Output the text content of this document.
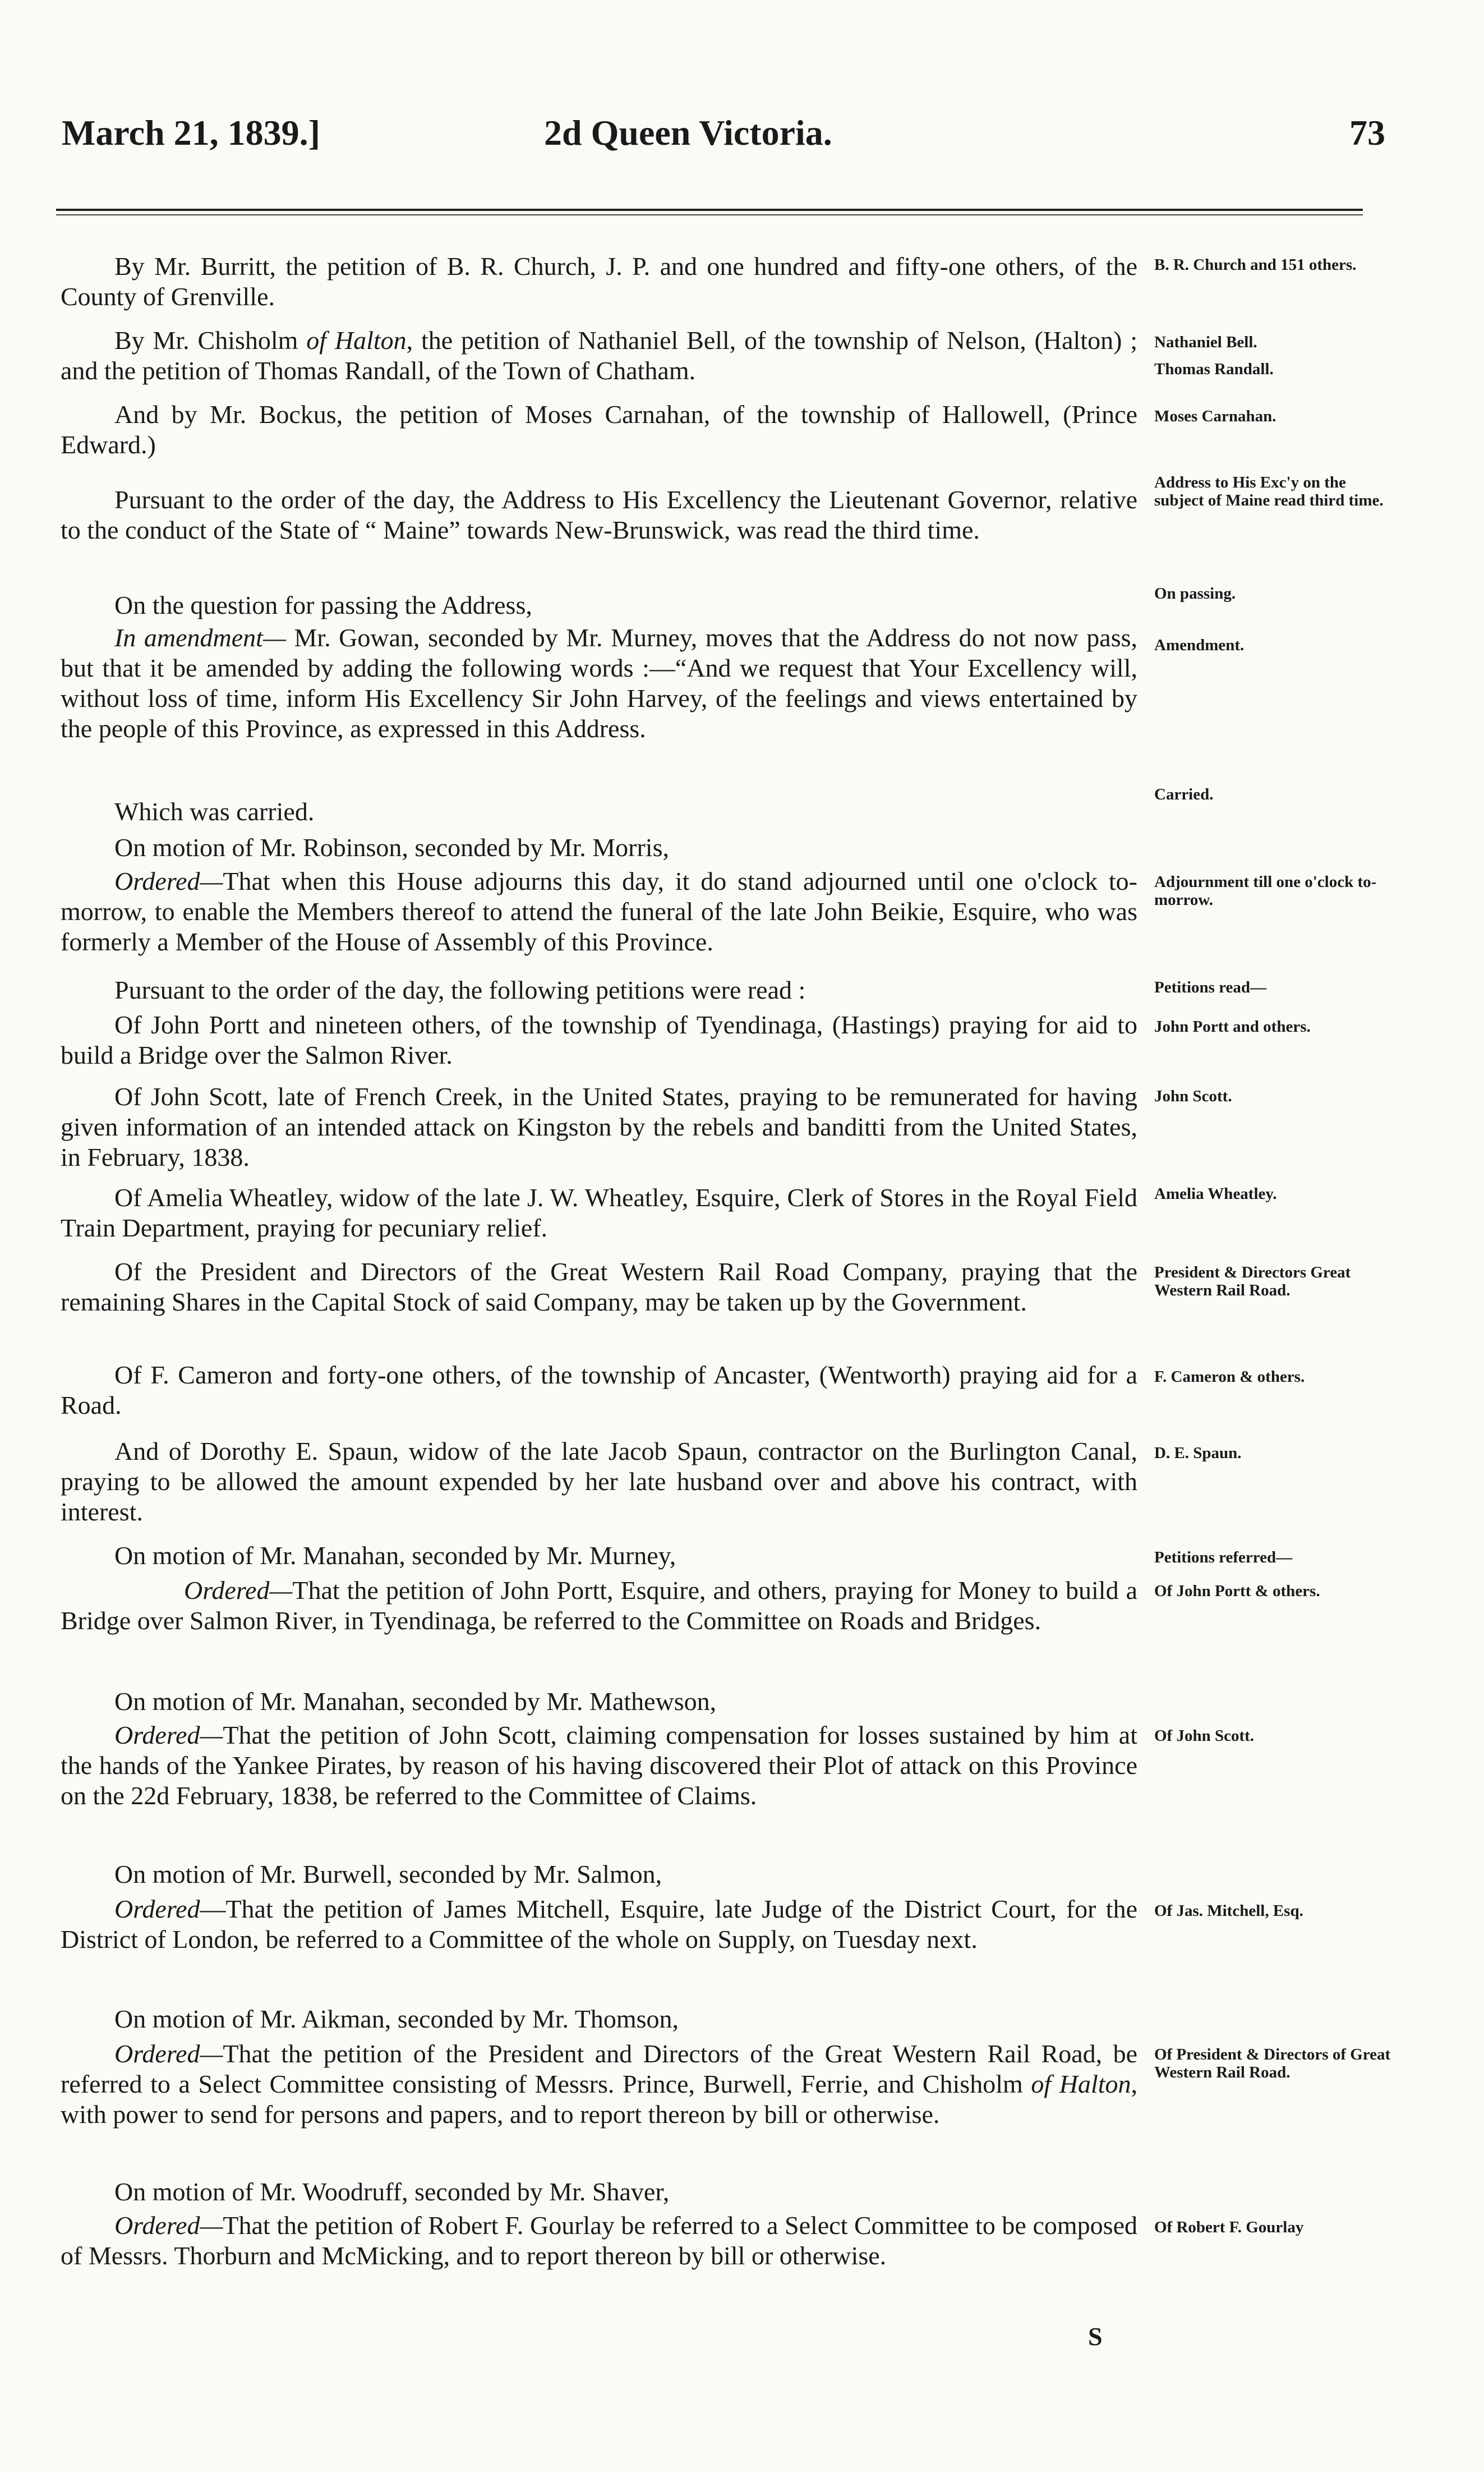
March 21, 1839.]	2d Queen Victoria.	73
By Mr. Burritt, the petition of B. R. Church, J. P. and one hundred and fifty-one others, of the County of Grenville.
B. R. Church and 151 others.
By Mr. Chisholm of Halton, the petition of Nathaniel Bell, of the township of Nelson, (Halton) ; and the petition of Thomas Randall, of the Town of Chatham.
Nathaniel Bell.
Thomas Randall.
And by Mr. Bockus, the petition of Moses Carnahan, of the township of Hallowell, (Prince Edward.)
Moses Carnahan.
Pursuant to the order of the day, the Address to His Excellency the Lieutenant Governor, relative to the conduct of the State of “ Maine” towards New-Brunswick, was read the third time.
Address to His Exc'y on the subject of Maine read third time.
On the question for passing the Address,	On passing.
In amendment— Mr. Gowan, seconded by Mr. Murney, moves that the Address do not now pass, but that it be amended by adding the following words :—“And we request that Your Excellency will, without loss of time, inform His Excellency Sir John Harvey, of the feelings and views entertained by the people of this Province, as expressed in this Address.
Amendment.
Which was carried.
Carried.
On motion of Mr. Robinson, seconded by Mr. Morris,
Ordered—That when this House adjourns this day, it do stand adjourned until one o'clock to-morrow, to enable the Members thereof to attend the funeral of the late John Beikie, Esquire, who was formerly a Member of the House of Assembly of this Province.
Adjournment till one o'clock to-morrow.
Pursuant to the order of the day, the following petitions were read :	Petitions read—
Of John Portt and nineteen others, of the township of Tyendinaga, (Hastings) praying for aid to build a Bridge over the Salmon River.
John Portt and others.
Of John Scott, late of French Creek, in the United States, praying to be remunerated for having given information of an intended attack on Kingston by the rebels and banditti from the United States, in February, 1838.
John Scott.
Of Amelia Wheatley, widow of the late J. W. Wheatley, Esquire, Clerk of Stores in the Royal Field Train Department, praying for pecuniary relief.
Amelia Wheatley.
Of the President and Directors of the Great Western Rail Road Company, praying that the remaining Shares in the Capital Stock of said Company, may be taken up by the Government.
President & Directors Great Western Rail Road.
Of F. Cameron and forty-one others, of the township of Ancaster, (Wentworth) praying aid for a Road.
F. Cameron & others.
And of Dorothy E. Spaun, widow of the late Jacob Spaun, contractor on the Burlington Canal, praying to be allowed the amount expended by her late husband over and above his contract, with interest.
D. E. Spaun.
On motion of Mr. Manahan, seconded by Mr. Murney,	Petitions referred—
Ordered—That the petition of John Portt, Esquire, and others, praying for Money to build a Bridge over Salmon River, in Tyendinaga, be referred to the Committee on Roads and Bridges.
Of John Portt & others.
On motion of Mr. Manahan, seconded by Mr. Mathewson,
Ordered—That the petition of John Scott, claiming compensation for losses sustained by him at the hands of the Yankee Pirates, by reason of his having discovered their Plot of attack on this Province on the 22d February, 1838, be referred to the Committee of Claims.
Of John Scott.
On motion of Mr. Burwell, seconded by Mr. Salmon,
Ordered—That the petition of James Mitchell, Esquire, late Judge of the District Court, for the District of London, be referred to a Committee of the whole on Supply, on Tuesday next.
Of Jas. Mitchell, Esq.
On motion of Mr. Aikman, seconded by Mr. Thomson,
Ordered—That the petition of the President and Directors of the Great Western Rail Road, be referred to a Select Committee consisting of Messrs. Prince, Burwell, Ferrie, and Chisholm of Halton, with power to send for persons and papers, and to report thereon by bill or otherwise.
Of President & Directors of Great Western Rail Road.
On motion of Mr. Woodruff, seconded by Mr. Shaver,
Ordered—That the petition of Robert F. Gourlay be referred to a Select Committee to be composed of Messrs. Thorburn and McMicking, and to report thereon by bill or otherwise.
Of Robert F. Gourlay
S
